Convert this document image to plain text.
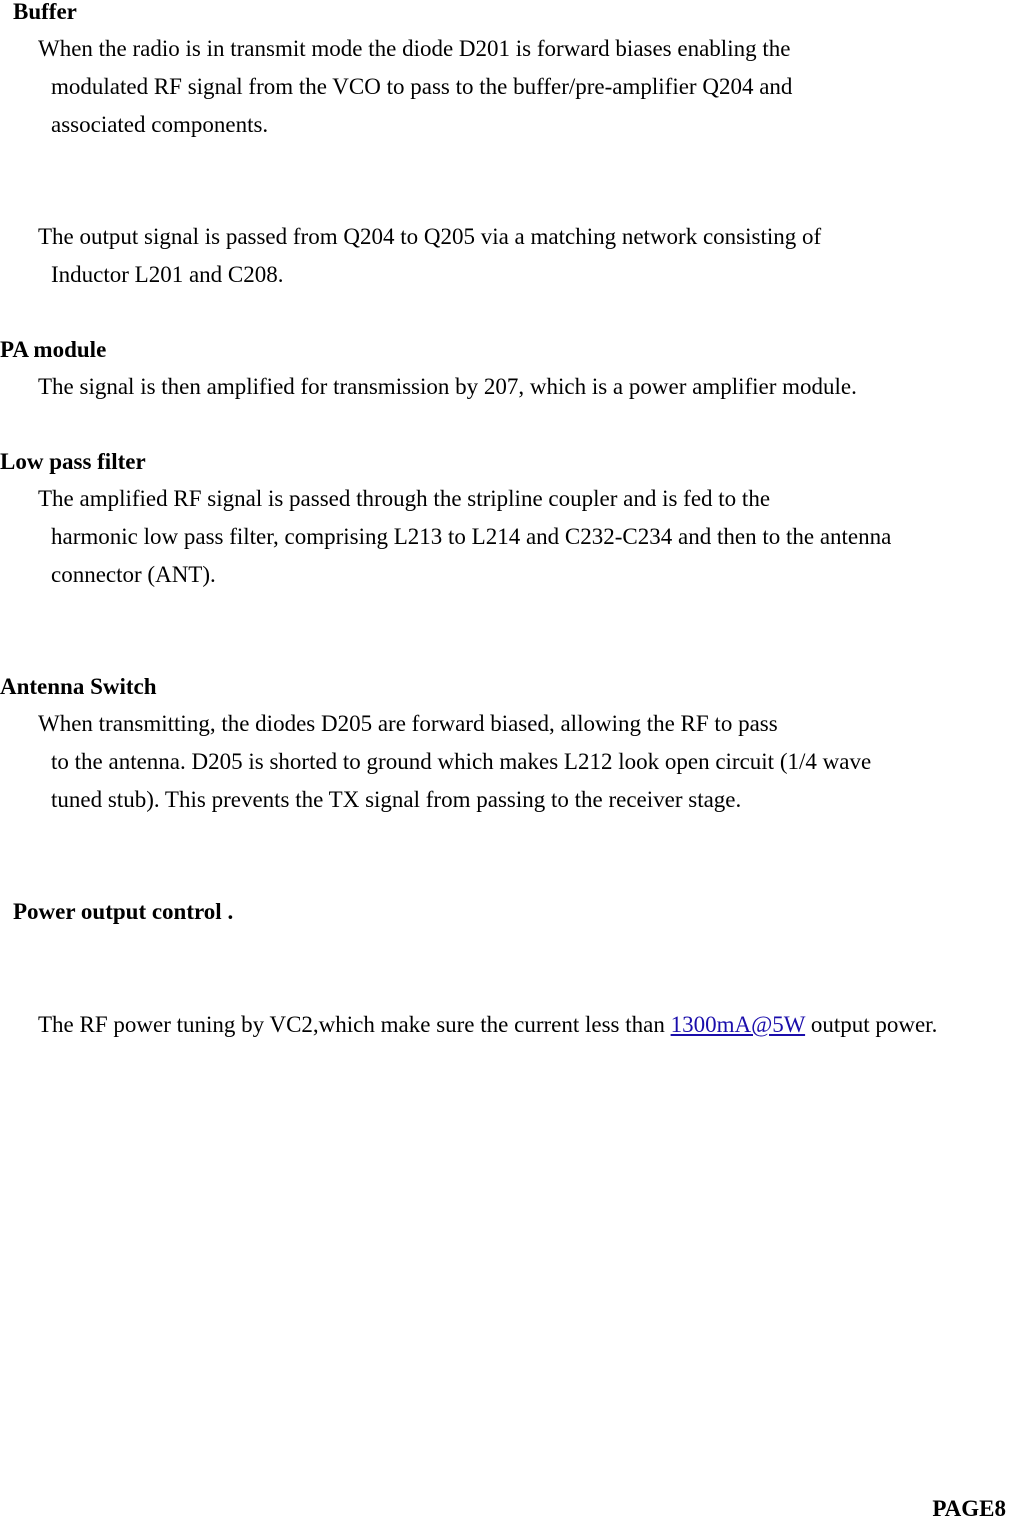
Buffer
When the radio is in transmit mode the diode D201 is forward biases enabling the
modulated RF signal from the VCO to pass to the buffer/pre-amplifier Q204 and
associated components.
The output signal is passed from Q204 to Q205 via a matching network consisting of
Inductor L201 and C208.
PA module
The signal is then amplified for transmission by 207, which is a power amplifier module.
Low pass filter
The amplified RF signal is passed through the stripline coupler and is fed to the
harmonic low pass filter, comprising L213 to L214 and C232-C234 and then to the antenna
connector (ANT).
Antenna Switch
When transmitting, the diodes D205 are forward biased, allowing the RF to pass
to the antenna. D205 is shorted to ground which makes L212 look open circuit (1/4 wave
tuned stub). This prevents the TX signal from passing to the receiver stage.
Power output control .
The RF power tuning by VC2,which make sure the current less than 1300mA@5W output power.
PAGE8
